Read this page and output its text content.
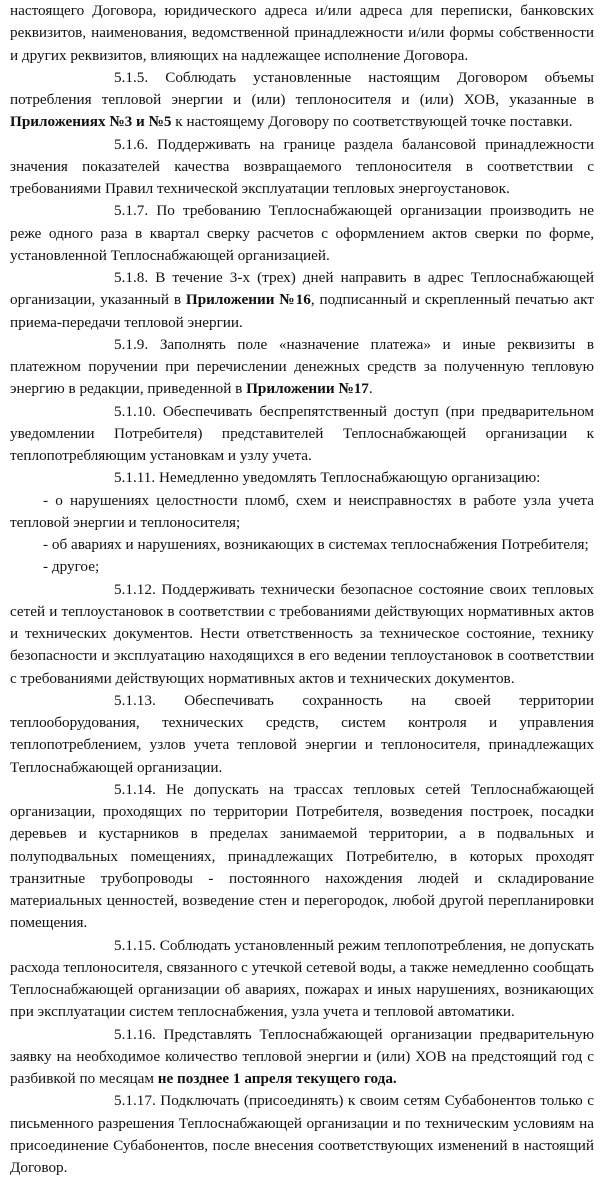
настоящего Договора, юридического адреса и/или адреса для переписки, банковских реквизитов, наименования, ведомственной принадлежности и/или формы собственности и других реквизитов, влияющих на надлежащее исполнение Договора.

5.1.5. Соблюдать установленные настоящим Договором объемы потребления тепловой энергии и (или) теплоносителя и (или) ХОВ, указанные в Приложениях №3 и №5 к настоящему Договору по соответствующей точке поставки.

5.1.6. Поддерживать на границе раздела балансовой принадлежности значения показателей качества возвращаемого теплоносителя в соответствии с требованиями Правил технической эксплуатации тепловых энергоустановок.

5.1.7. По требованию Теплоснабжающей организации производить не реже одного раза в квартал сверку расчетов с оформлением актов сверки по форме, установленной Теплоснабжающей организацией.

5.1.8. В течение 3-х (трех) дней направить в адрес Теплоснабжающей организации, указанный в Приложении №16, подписанный и скрепленный печатью акт приема-передачи тепловой энергии.

5.1.9. Заполнять поле «назначение платежа» и иные реквизиты в платежном поручении при перечислении денежных средств за полученную тепловую энергию в редакции, приведенной в Приложении №17.

5.1.10. Обеспечивать беспрепятственный доступ (при предварительном уведомлении Потребителя) представителей Теплоснабжающей организации к теплопотребляющим установкам и узлу учета.

5.1.11. Немедленно уведомлять Теплоснабжающую организацию:

- о нарушениях целостности пломб, схем и неисправностях в работе узла учета тепловой энергии и теплоносителя;

- об авариях и нарушениях, возникающих в системах теплоснабжения Потребителя;

- другое;

5.1.12. Поддерживать технически безопасное состояние своих тепловых сетей и теплоустановок в соответствии с требованиями действующих нормативных актов и технических документов. Нести ответственность за техническое состояние, технику безопасности и эксплуатацию находящихся в его ведении теплоустановок в соответствии с требованиями действующих нормативных актов и технических документов.

5.1.13. Обеспечивать сохранность на своей территории теплооборудования, технических средств, систем контроля и управления теплопотреблением, узлов учета тепловой энергии и теплоносителя, принадлежащих Теплоснабжающей организации.

5.1.14. Не допускать на трассах тепловых сетей Теплоснабжающей организации, проходящих по территории Потребителя, возведения построек, посадки деревьев и кустарников в пределах занимаемой территории, а в подвальных и полуподвальных помещениях, принадлежащих Потребителю, в которых проходят транзитные трубопроводы - постоянного нахождения людей и складирование материальных ценностей, возведение стен и перегородок, любой другой перепланировки помещения.

5.1.15. Соблюдать установленный режим теплопотребления, не допускать расхода теплоносителя, связанного с утечкой сетевой воды, а также немедленно сообщать Теплоснабжающей организации об авариях, пожарах и иных нарушениях, возникающих при эксплуатации систем теплоснабжения, узла учета и тепловой автоматики.

5.1.16. Представлять Теплоснабжающей организации предварительную заявку на необходимое количество тепловой энергии и (или) ХОВ на предстоящий год с разбивкой по месяцам не позднее 1 апреля текущего года.

5.1.17. Подключать (присоединять) к своим сетям Субабонентов только с письменного разрешения Теплоснабжающей организации и по техническим условиям на присоединение Субабонентов, после внесения соответствующих изменений в настоящий Договор.
